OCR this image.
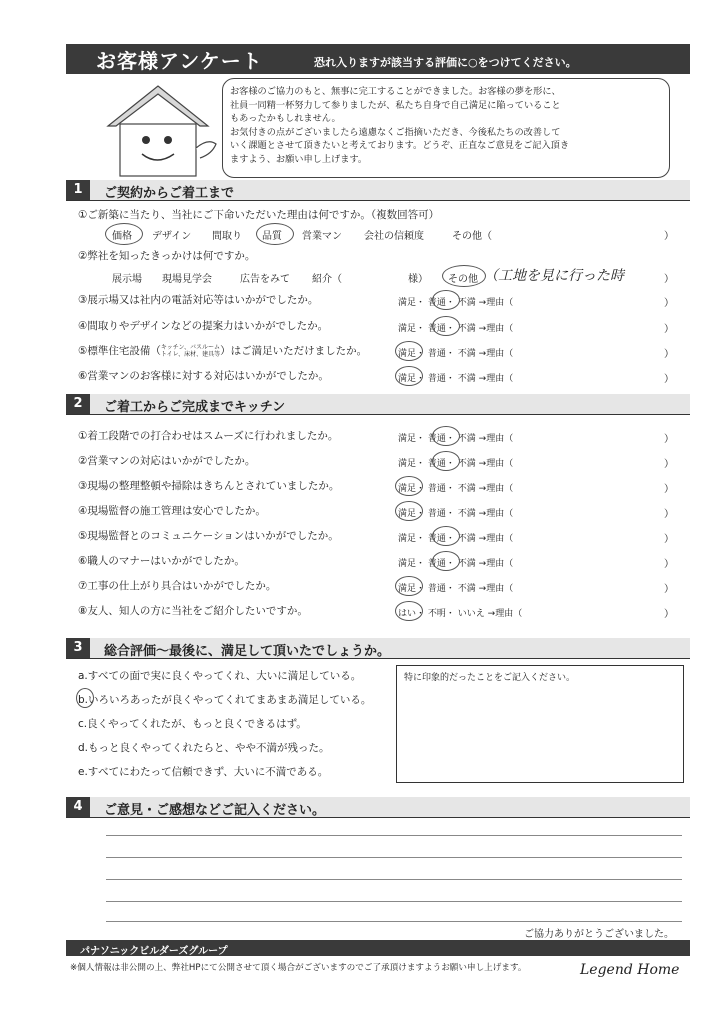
お客様アンケート	恐れ入りますが該当する評価に○をつけてください。
お客様のご協力のもと、無事に完工することができました。お客様の夢を形に、
社員一同精一杯努力して参りましたが、私たち自身で自己満足に陥っていること
もあったかもしれません。
お気付きの点がございましたら遠慮なくご指摘いただき、今後私たちの改善して
いく課題とさせて頂きたいと考えております。どうぞ、正直なご意見をご記入頂き
ますよう、お願い申し上げます。
1	ご契約からご着工まで
①ご新築に当たり、当社にご下命いただいた理由は何ですか。（複数回答可）
価格 デザイン 間取り 品質 営業マン 会社の信頼度	その他（	）
②弊社を知ったきっかけは何ですか。
展示場 現場見学会	広告をみて 紹介（	様） その他 （工地を見に行った時	）
③展示場又は社内の電話対応等はいかがでしたか。	満足・ 普通・ 不満 →理由（	）
④間取りやデザインなどの提案力はいかがでしたか。	満足・ 普通・ 不満 →理由（	）
⑤標準住宅設備（キッチン、バスルーム
トイレ、床材、建具等）はご満足いただけましたか。	満足・ 普通・ 不満 →理由（	）
⑥営業マンのお客様に対する対応はいかがでしたか。	満足・ 普通・ 不満 →理由（	）
2	ご着工からご完成までキッチン
①着工段階での打合わせはスムーズに行われましたか。	満足・ 普通・ 不満 →理由（	）
②営業マンの対応はいかがでしたか。	満足・ 普通・ 不満 →理由（	）
③現場の整理整頓や掃除はきちんとされていましたか。	満足・ 普通・ 不満 →理由（	）
④現場監督の施工管理は安心でしたか。	満足・ 普通・ 不満 →理由（	）
⑤現場監督とのコミュニケーションはいかがでしたか。	満足・ 普通・ 不満 →理由（	）
⑥職人のマナーはいかがでしたか。	満足・ 普通・ 不満 →理由（	）
⑦工事の仕上がり具合はいかがでしたか。	満足・ 普通・ 不満 →理由（	）
⑧友人、知人の方に当社をご紹介したいですか。	はい・ 不明・ いいえ →理由（	）
3	総合評価〜最後に、満足して頂いたでしょうか。
a.すべての面で実に良くやってくれ、大いに満足している。
b.いろいろあったが良くやってくれてまあまあ満足している。
c.良くやってくれたが、もっと良くできるはず。
d.もっと良くやってくれたらと、やや不満が残った。
e.すべてにわたって信頼できず、大いに不満である。
特に印象的だったことをご記入ください。
4	ご意見・ご感想などご記入ください。
ご協力ありがとうございました。
パナソニックビルダーズグループ
※個人情報は非公開の上、弊社HPにて公開させて頂く場合がございますのでご了承頂けますようお願い申し上げます。	Legend Home
